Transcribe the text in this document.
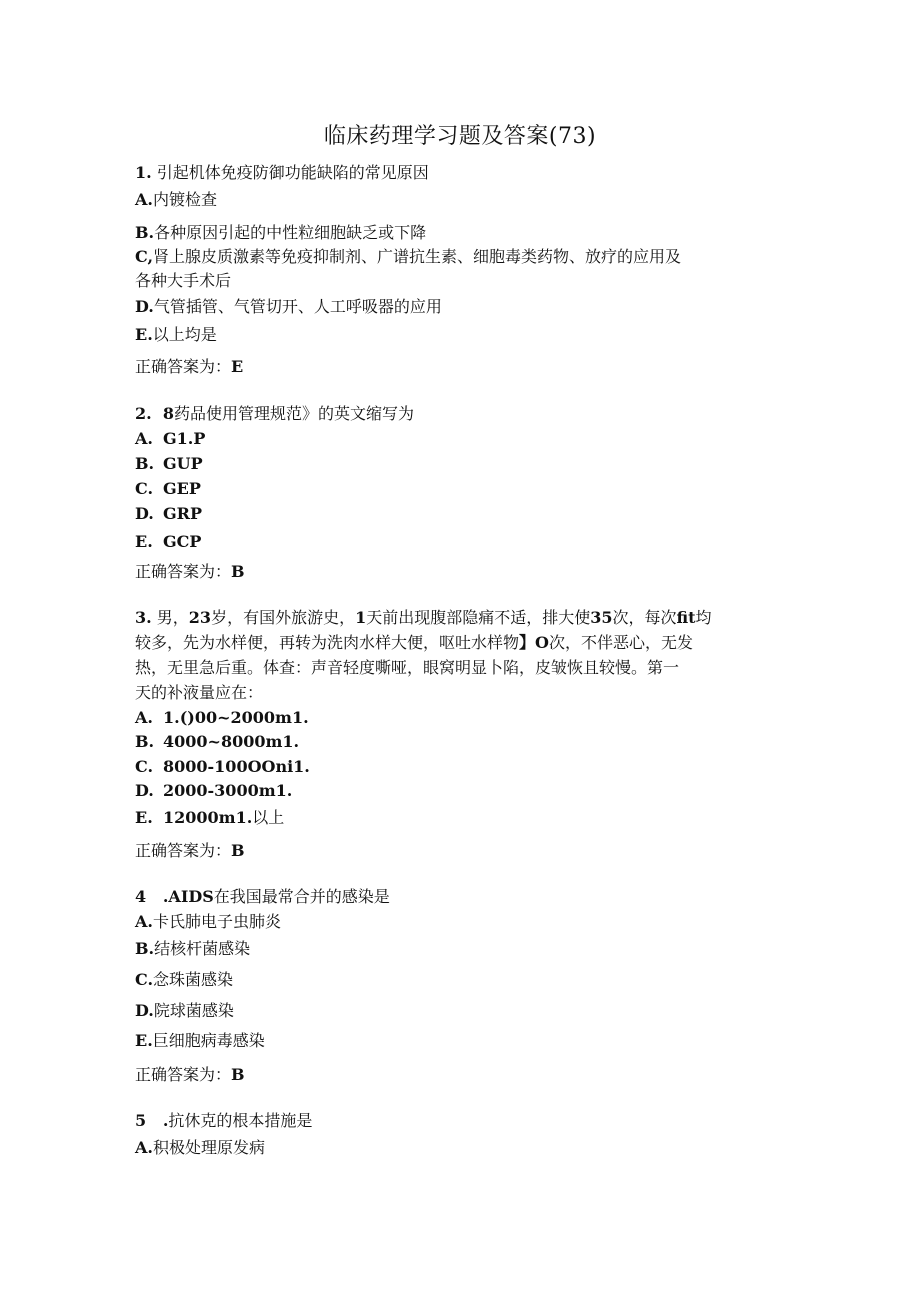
临床药理学习题及答案(73)
1. 引起机体免疫防御功能缺陷的常见原因
A.内镀检查
B.各种原因引起的中性粒细胞缺乏或下降
C,肾上腺皮质激素等免疫抑制剂、广谱抗生素、细胞毒类药物、放疗的应用及
各种大手术后
D.气管插管、气管切开、人工呼吸器的应用
E.以上均是
正确答案为：E
2.  8药品使用管理规范》的英文缩写为
A. G1.P
B. GUP
C. GEP
D. GRP
E. GCP
正确答案为：B
3. 男，23岁，有国外旅游史，1天前出现腹部隐痛不适，排大使35次，每次fit均
较多，先为水样便，再转为洗肉水样大便，呕吐水样物】O次，不伴恶心，无发
热，无里急后重。体查：声音轻度嘶哑，眼窝明显卜陷，皮皱恢且较慢。第一
天的补液量应在：
A. 1.()00~2000m1.
B. 4000~8000m1.
C. 8000-100OOni1.
D. 2000-3000m1.
E. 12000m1.以上
正确答案为：B
4   .AIDS在我国最常合并的感染是
A.卡氏肺电子虫肺炎
B.结核杆菌感染
C.念珠菌感染
D.院球菌感染
E.巨细胞病毒感染
正确答案为：B
5   .抗休克的根本措施是
A.积极处理原发病
